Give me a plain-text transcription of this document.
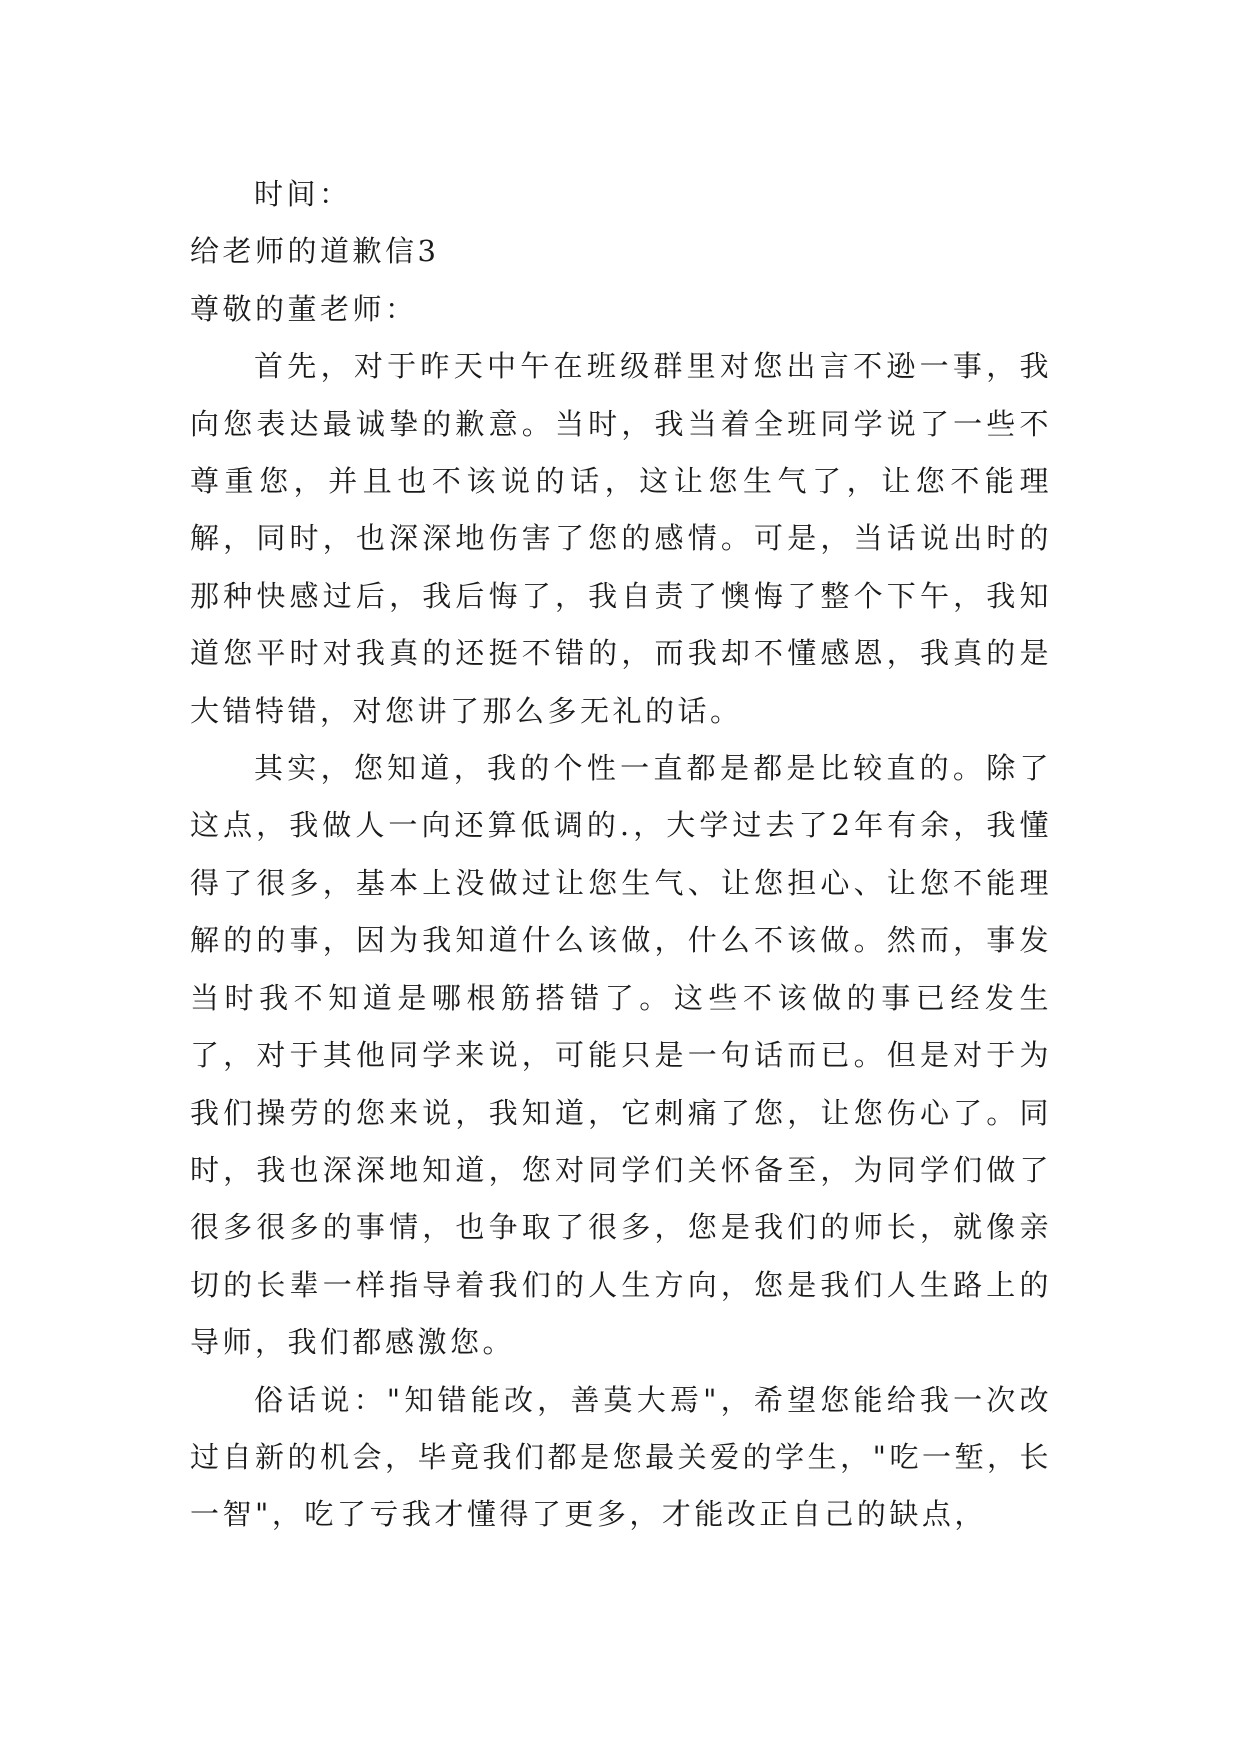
时间：

给老师的道歉信3

尊敬的董老师：

首先，对于昨天中午在班级群里对您出言不逊一事，我向您表达最诚挚的歉意。当时，我当着全班同学说了一些不尊重您，并且也不该说的话，这让您生气了，让您不能理解，同时，也深深地伤害了您的感情。可是，当话说出时的那种快感过后，我后悔了，我自责了懊悔了整个下午，我知道您平时对我真的还挺不错的，而我却不懂感恩，我真的是大错特错，对您讲了那么多无礼的话。

其实，您知道，我的个性一直都是都是比较直的。除了这点，我做人一向还算低调的.，大学过去了2年有余，我懂得了很多，基本上没做过让您生气、让您担心、让您不能理解的的事，因为我知道什么该做，什么不该做。然而，事发当时我不知道是哪根筋搭错了。这些不该做的事已经发生了，对于其他同学来说，可能只是一句话而已。但是对于为我们操劳的您来说，我知道，它刺痛了您，让您伤心了。同时，我也深深地知道，您对同学们关怀备至，为同学们做了很多很多的事情，也争取了很多，您是我们的师长，就像亲切的长辈一样指导着我们的人生方向，您是我们人生路上的导师，我们都感激您。

俗话说："知错能改，善莫大焉"，希望您能给我一次改过自新的机会，毕竟我们都是您最关爱的学生，"吃一堑，长一智"，吃了亏我才懂得了更多，才能改正自己的缺点，
